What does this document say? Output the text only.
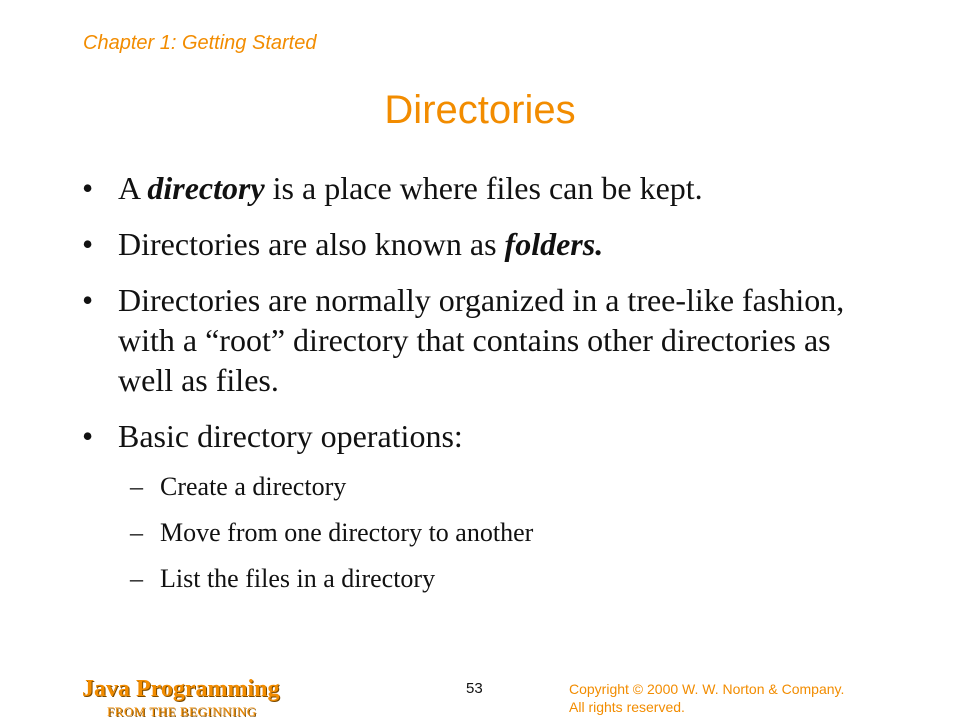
Chapter 1: Getting Started
Directories
• A directory is a place where files can be kept.
• Directories are also known as folders.
• Directories are normally organized in a tree-like fashion, with a “root” directory that contains other directories as well as files.
• Basic directory operations:
– Create a directory
– Move from one directory to another
– List the files in a directory
Java Programming
FROM THE BEGINNING
53	Copyright © 2000 W. W. Norton & Company.
All rights reserved.
